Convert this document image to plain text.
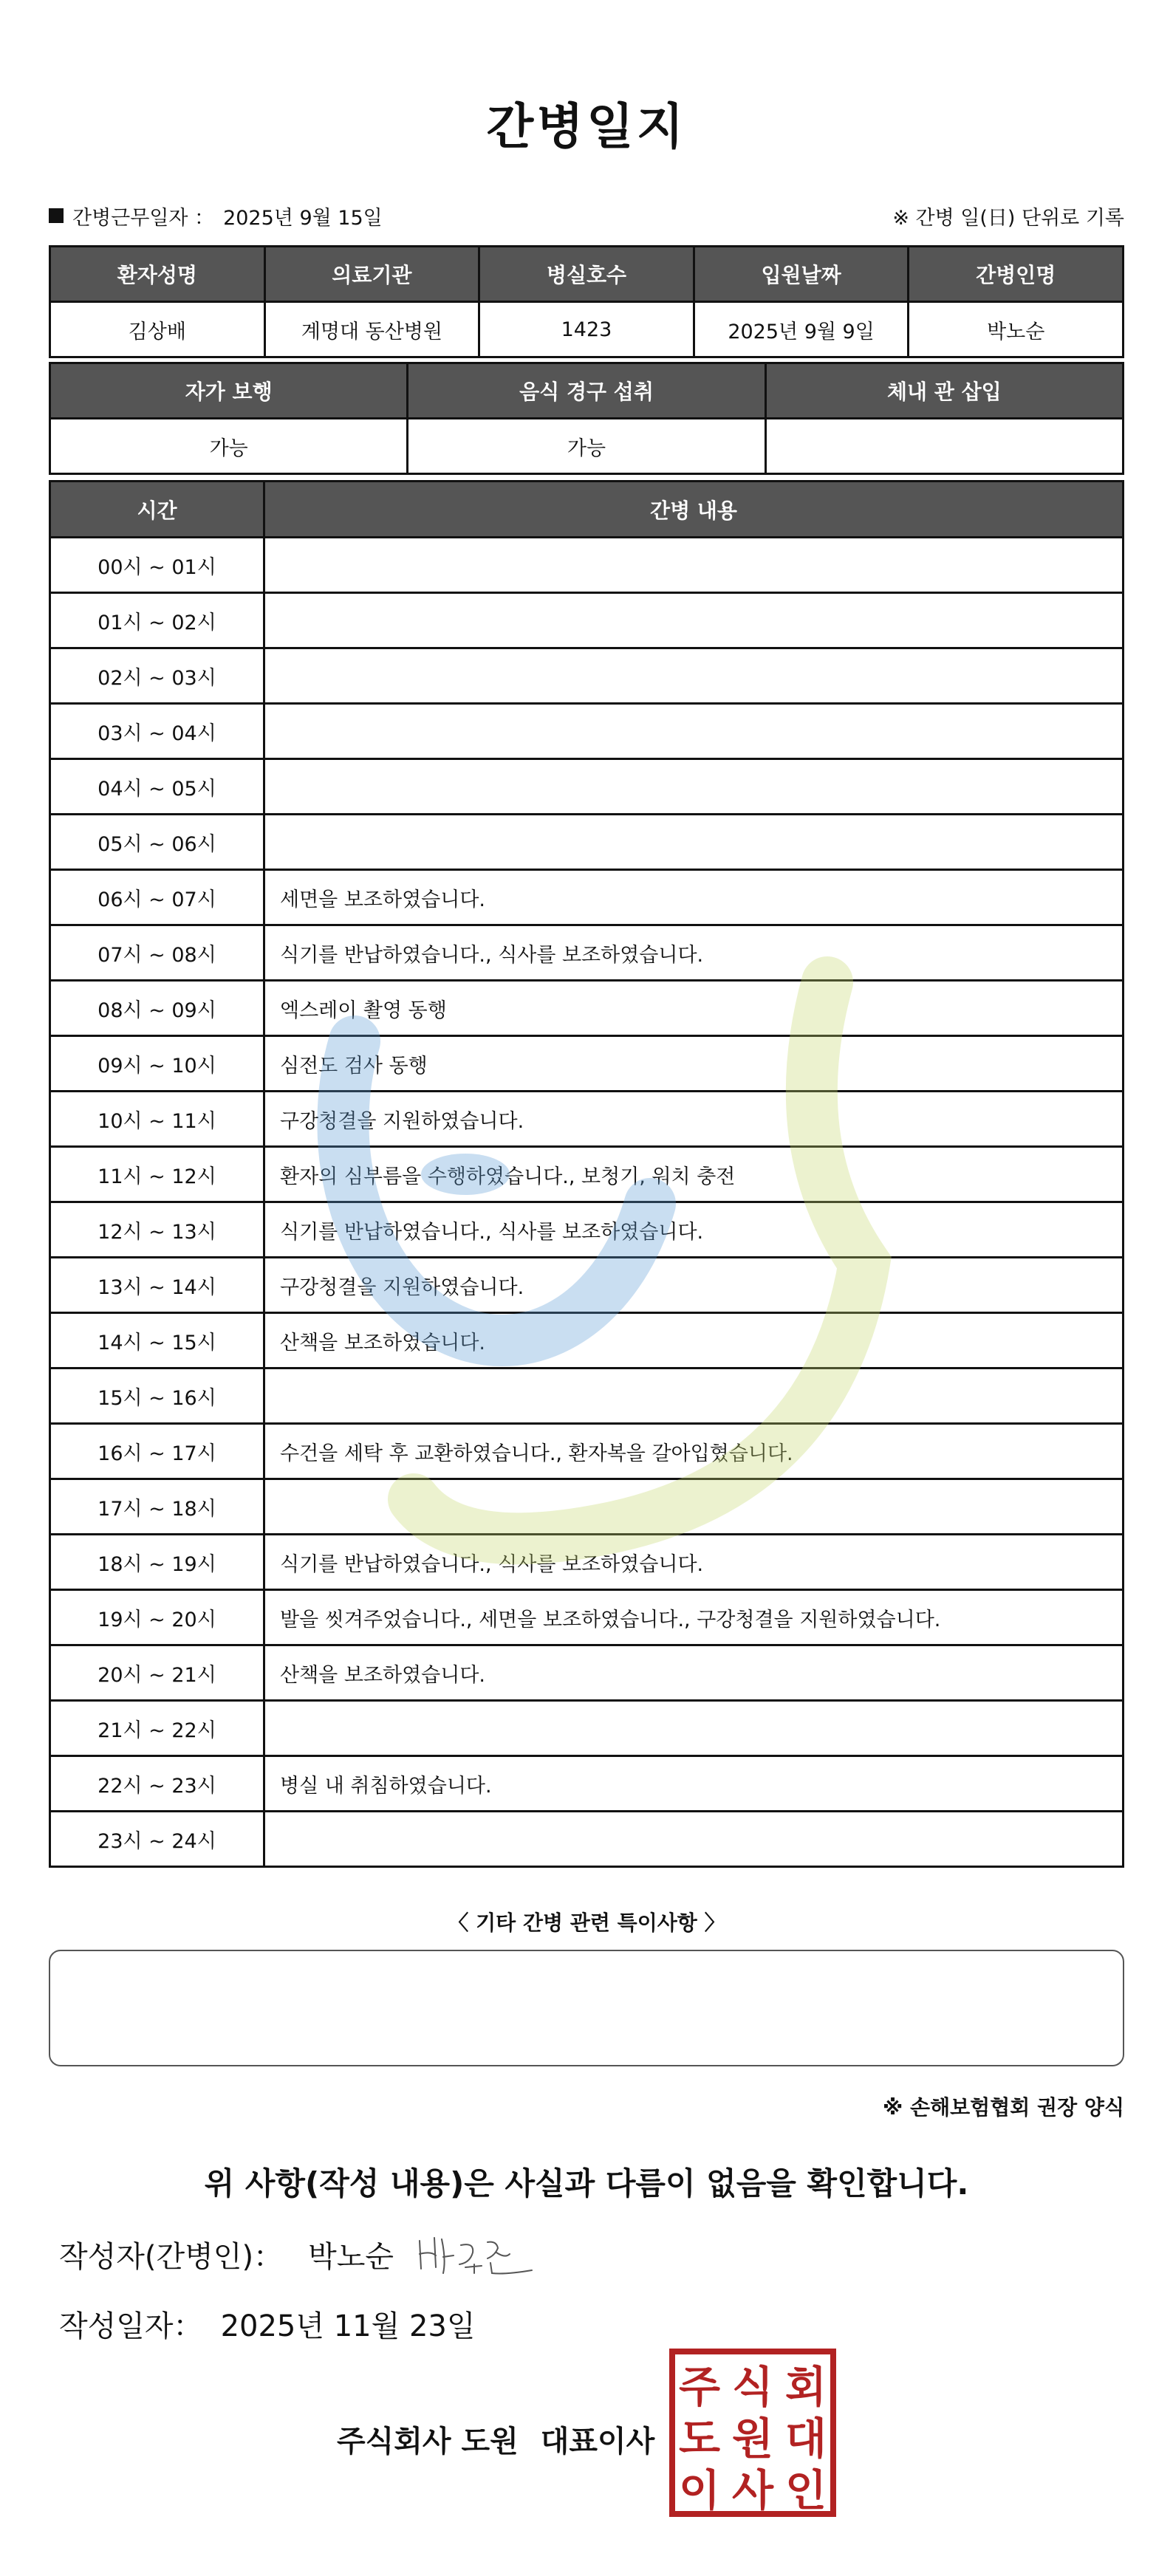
간병일지
간병근무일자 ： 2025년 9월 15일	※ 간병 일(日) 단위로 기록
환자성명	의료기관	병실호수	입원날짜	간병인명
김상배	계명대 동산병원	1423	2025년 9월 9일	박노순
자가 보행	음식 경구 섭취	체내 관 삽입
가능	가능	
시간	간병 내용
00시 ~ 01시	
01시 ~ 02시	
02시 ~ 03시	
03시 ~ 04시	
04시 ~ 05시	
05시 ~ 06시	
06시 ~ 07시	세면을 보조하였습니다.
07시 ~ 08시	식기를 반납하였습니다., 식사를 보조하였습니다.
08시 ~ 09시	엑스레이 촬영 동행
09시 ~ 10시	심전도 검사 동행
10시 ~ 11시	구강청결을 지원하였습니다.
11시 ~ 12시	환자의 심부름을 수행하였습니다., 보청기, 워치 충전
12시 ~ 13시	식기를 반납하였습니다., 식사를 보조하였습니다.
13시 ~ 14시	구강청결을 지원하였습니다.
14시 ~ 15시	산책을 보조하였습니다.
15시 ~ 16시	
16시 ~ 17시	수건을 세탁 후 교환하였습니다., 환자복을 갈아입혔습니다.
17시 ~ 18시	
18시 ~ 19시	식기를 반납하였습니다., 식사를 보조하였습니다.
19시 ~ 20시	발을 씻겨주었습니다., 세면을 보조하였습니다., 구강청결을 지원하였습니다.
20시 ~ 21시	산책을 보조하였습니다.
21시 ~ 22시	
22시 ~ 23시	병실 내 취침하였습니다.
23시 ~ 24시	
〈 기타 간병 관련 특이사항 〉
※ 손해보험협회 권장 양식
위 사항(작성 내용)은 사실과 다름이 없음을 확인합니다.
작성자(간병인)： 박노순
작성일자： 2025년 11월 23일
주식회사 도원 대표이사
주 식 회
도 원 대
이 사 인
